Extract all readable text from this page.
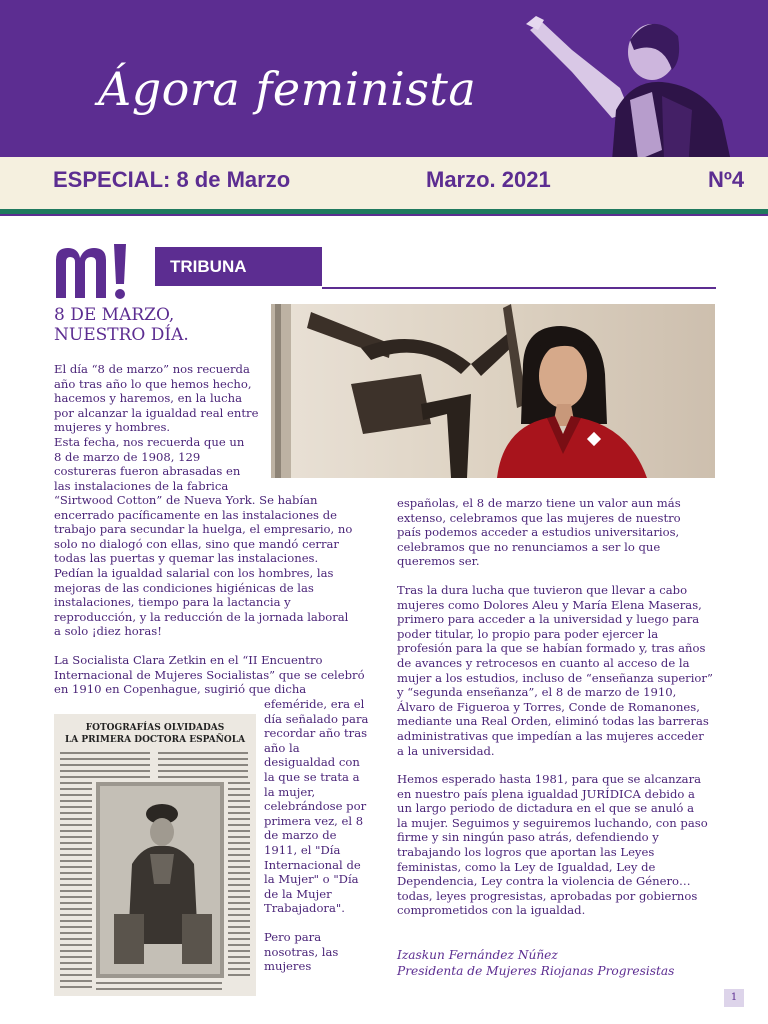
Ágora feminista
ESPECIAL: 8 de Marzo	Marzo. 2021	Nº4
TRIBUNA
8 DE MARZO,
NUESTRO DÍA.

El día “8 de marzo” nos recuerda

año tras año lo que hemos hecho,

hacemos y haremos, en la lucha

por alcanzar la igualdad real entre

mujeres y hombres.

Esta fecha, nos recuerda que un

8 de marzo de 1908, 129

costureras fueron abrasadas en

las instalaciones de la fabrica

“Sirtwood Cotton” de Nueva York. Se habían

encerrado pacíficamente en las instalaciones de

trabajo para secundar la huelga, el empresario, no

solo no dialogó con ellas, sino que mandó cerrar

todas las puertas y quemar las instalaciones.

Pedían la igualdad salarial con los hombres, las

mejoras de las condiciones higiénicas de las

instalaciones, tiempo para la lactancia y

reproducción, y la reducción de la jornada laboral

a solo ¡diez horas!

La Socialista Clara Zetkin en el “II Encuentro

Internacional de Mujeres Socialistas” que se celebró

en 1910 en Copenhague, sugirió que dicha

efeméride, era el

día señalado para

recordar año tras

año la

desigualdad con

la que se trata a

la mujer,

celebrándose por

primera vez, el 8

de marzo de

1911, el "Día

Internacional de

la Mujer" o "Día

de la Mujer

Trabajadora".

Pero para

nosotras, las

mujeres

FOTOGRAFÍAS OLVIDADAS
LA PRIMERA DOCTORA ESPAÑOLA

españolas, el 8 de marzo tiene un valor aun más

extenso, celebramos que las mujeres de nuestro

país podemos acceder a estudios universitarios,

celebramos que no renunciamos a ser lo que

queremos ser.

Tras la dura lucha que tuvieron que llevar a cabo

mujeres como Dolores Aleu y María Elena Maseras,

primero para acceder a la universidad y luego para

poder titular, lo propio para poder ejercer la

profesión para la que se habían formado y, tras años

de avances y retrocesos en cuanto al acceso de la

mujer a los estudios, incluso de “enseñanza superior”

y “segunda enseñanza”, el 8 de marzo de 1910,

Álvaro de Figueroa y Torres, Conde de Romanones,

mediante una Real Orden, eliminó todas las barreras

administrativas que impedían a las mujeres acceder

a la universidad.

Hemos esperado hasta 1981, para que se alcanzara

en nuestro país plena igualdad JURÍDICA debido a

un largo periodo de dictadura en el que se anuló a

la mujer. Seguimos y seguiremos luchando, con paso

firme y sin ningún paso atrás, defendiendo y

trabajando los logros que aportan las Leyes

feministas, como la Ley de Igualdad, Ley de

Dependencia, Ley contra la violencia de Género…

todas, leyes progresistas, aprobadas por gobiernos

comprometidos con la igualdad.

Izaskun Fernández Núñez
Presidenta de Mujeres Riojanas Progresistas
1
